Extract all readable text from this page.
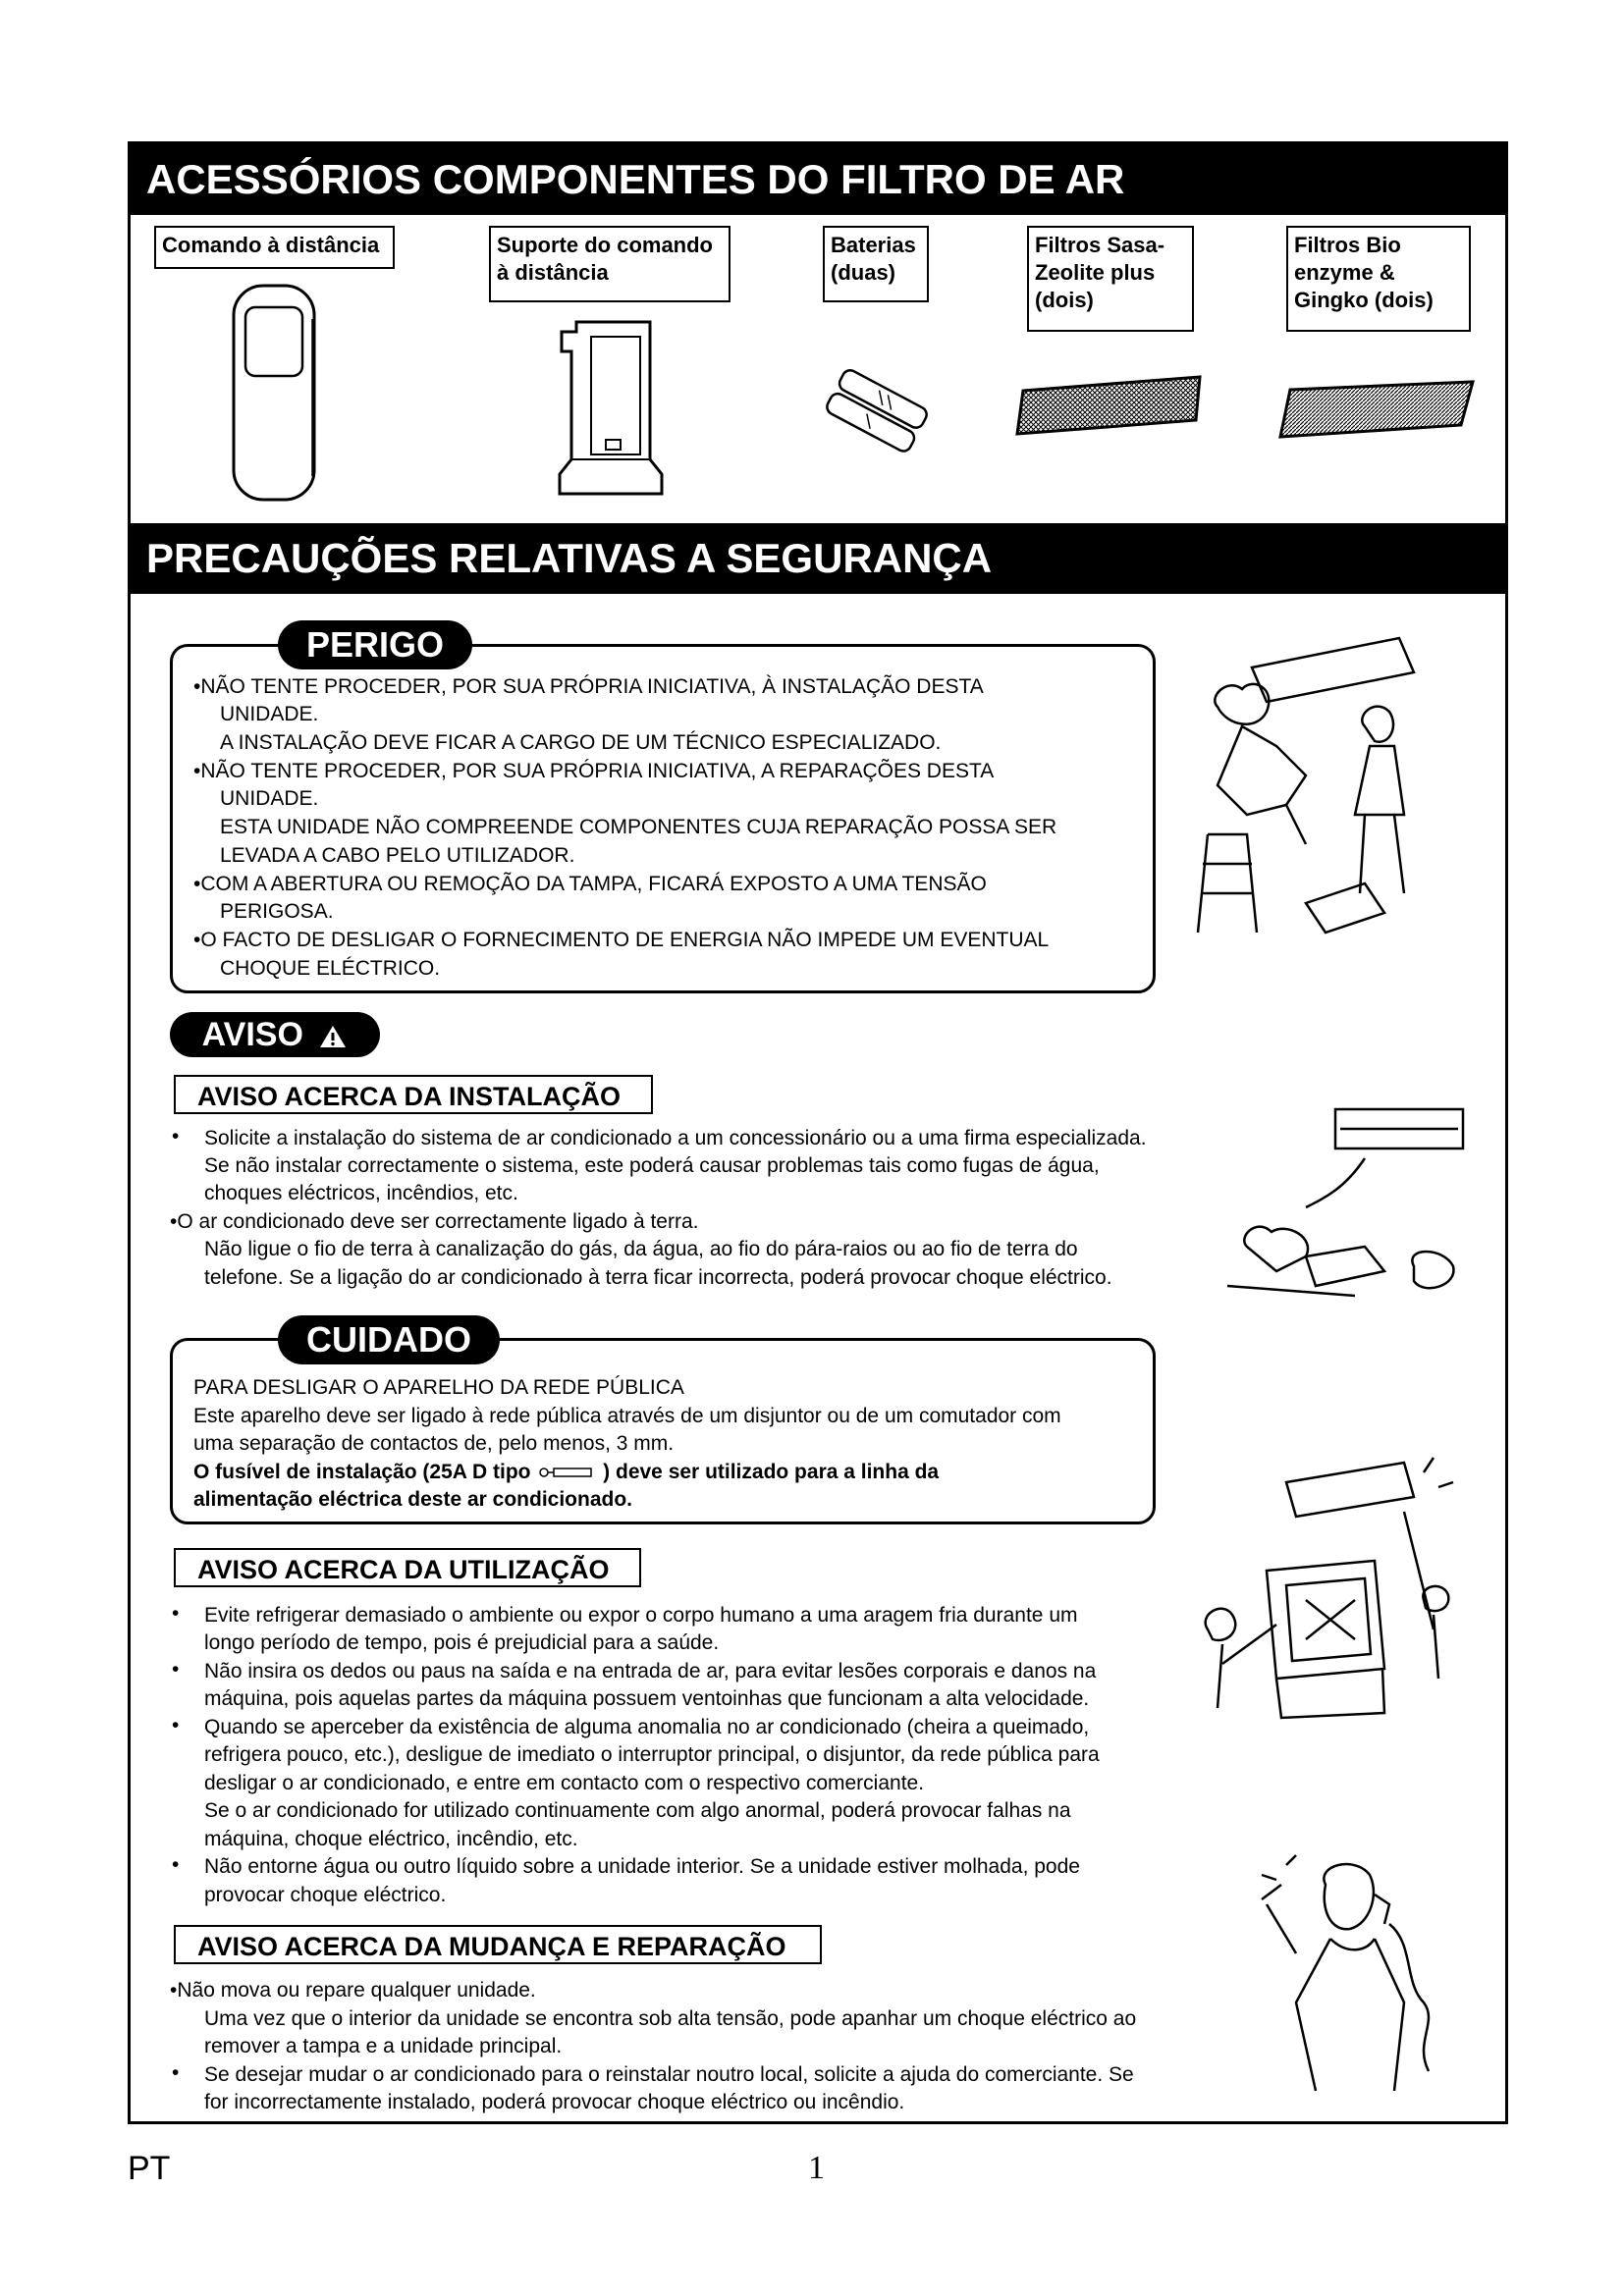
ACESSÓRIOS COMPONENTES DO FILTRO DE AR
Comando à distância	Suporte do comando
à distância
Baterias
(duas)
Filtros Sasa-
Zeolite plus
(dois)
Filtros Bio
enzyme &
Gingko (dois)
PRECAUÇÕES RELATIVAS A SEGURANÇA
PERIGO
•NÃO TENTE PROCEDER, POR SUA PRÓPRIA INICIATIVA, À INSTALAÇÃO DESTA
UNIDADE.
A INSTALAÇÃO DEVE FICAR A CARGO DE UM TÉCNICO ESPECIALIZADO.
•NÃO TENTE PROCEDER, POR SUA PRÓPRIA INICIATIVA, A REPARAÇÕES DESTA
UNIDADE.
ESTA UNIDADE NÃO COMPREENDE COMPONENTES CUJA REPARAÇÃO POSSA SER
LEVADA A CABO PELO UTILIZADOR.
•COM A ABERTURA OU REMOÇÃO DA TAMPA, FICARÁ EXPOSTO A UMA TENSÃO
PERIGOSA.
•O FACTO DE DESLIGAR O FORNECIMENTO DE ENERGIA NÃO IMPEDE UM EVENTUAL
CHOQUE ELÉCTRICO.
AVISO
AVISO ACERCA DA INSTALAÇÃO
• Solicite a instalação do sistema de ar condicionado a um concessionário ou a uma firma especializada.
Se não instalar correctamente o sistema, este poderá causar problemas tais como fugas de água,
choques eléctricos, incêndios, etc.
•O ar condicionado deve ser correctamente ligado à terra.
Não ligue o fio de terra à canalização do gás, da água, ao fio do pára-raios ou ao fio de terra do
telefone. Se a ligação do ar condicionado à terra ficar incorrecta, poderá provocar choque eléctrico.
CUIDADO
PARA DESLIGAR O APARELHO DA REDE PÚBLICA
Este aparelho deve ser ligado à rede pública através de um disjuntor ou de um comutador com
uma separação de contactos de, pelo menos, 3 mm.
O fusível de instalação (25A D tipo	) deve ser utilizado para a linha da
alimentação eléctrica deste ar condicionado.
AVISO ACERCA DA UTILIZAÇÃO
• Evite refrigerar demasiado o ambiente ou expor o corpo humano a uma aragem fria durante um
longo período de tempo, pois é prejudicial para a saúde.
• Não insira os dedos ou paus na saída e na entrada de ar, para evitar lesões corporais e danos na
máquina, pois aquelas partes da máquina possuem ventoinhas que funcionam a alta velocidade.
• Quando se aperceber da existência de alguma anomalia no ar condicionado (cheira a queimado,
refrigera pouco, etc.), desligue de imediato o interruptor principal, o disjuntor, da rede pública para
desligar o ar condicionado, e entre em contacto com o respectivo comerciante.
Se o ar condicionado for utilizado continuamente com algo anormal, poderá provocar falhas na
máquina, choque eléctrico, incêndio, etc.
• Não entorne água ou outro líquido sobre a unidade interior. Se a unidade estiver molhada, pode
provocar choque eléctrico.
AVISO ACERCA DA MUDANÇA E REPARAÇÃO
•Não mova ou repare qualquer unidade.
Uma vez que o interior da unidade se encontra sob alta tensão, pode apanhar um choque eléctrico ao
remover a tampa e a unidade principal.
• Se desejar mudar o ar condicionado para o reinstalar noutro local, solicite a ajuda do comerciante. Se
for incorrectamente instalado, poderá provocar choque eléctrico ou incêndio.
PT	1
